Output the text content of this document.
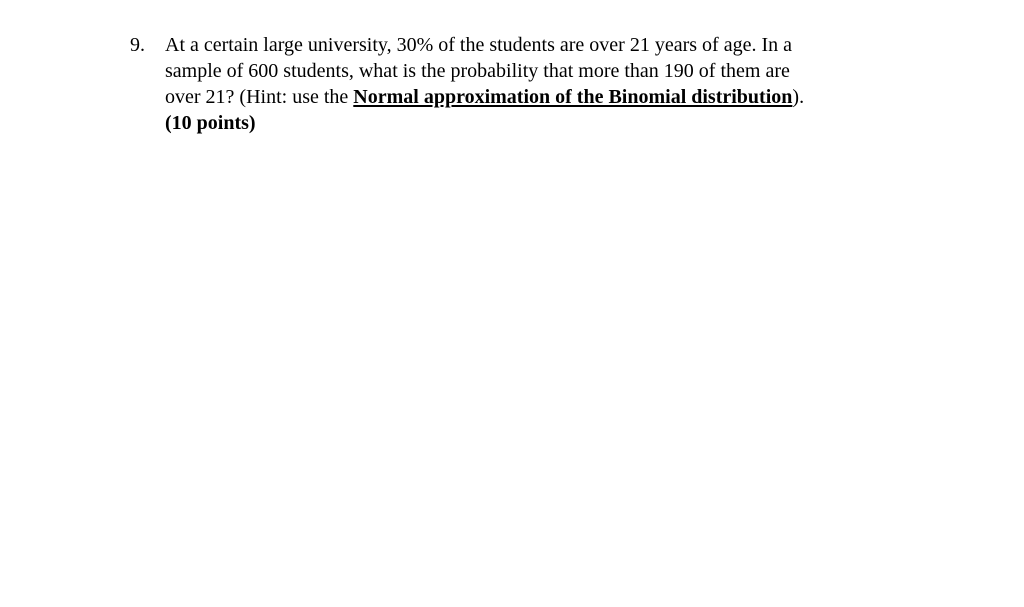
9. At a certain large university, 30% of the students are over 21 years of age. In a
sample of 600 students, what is the probability that more than 190 of them are
over 21? (Hint: use the Normal approximation of the Binomial distribution).
(10 points)
